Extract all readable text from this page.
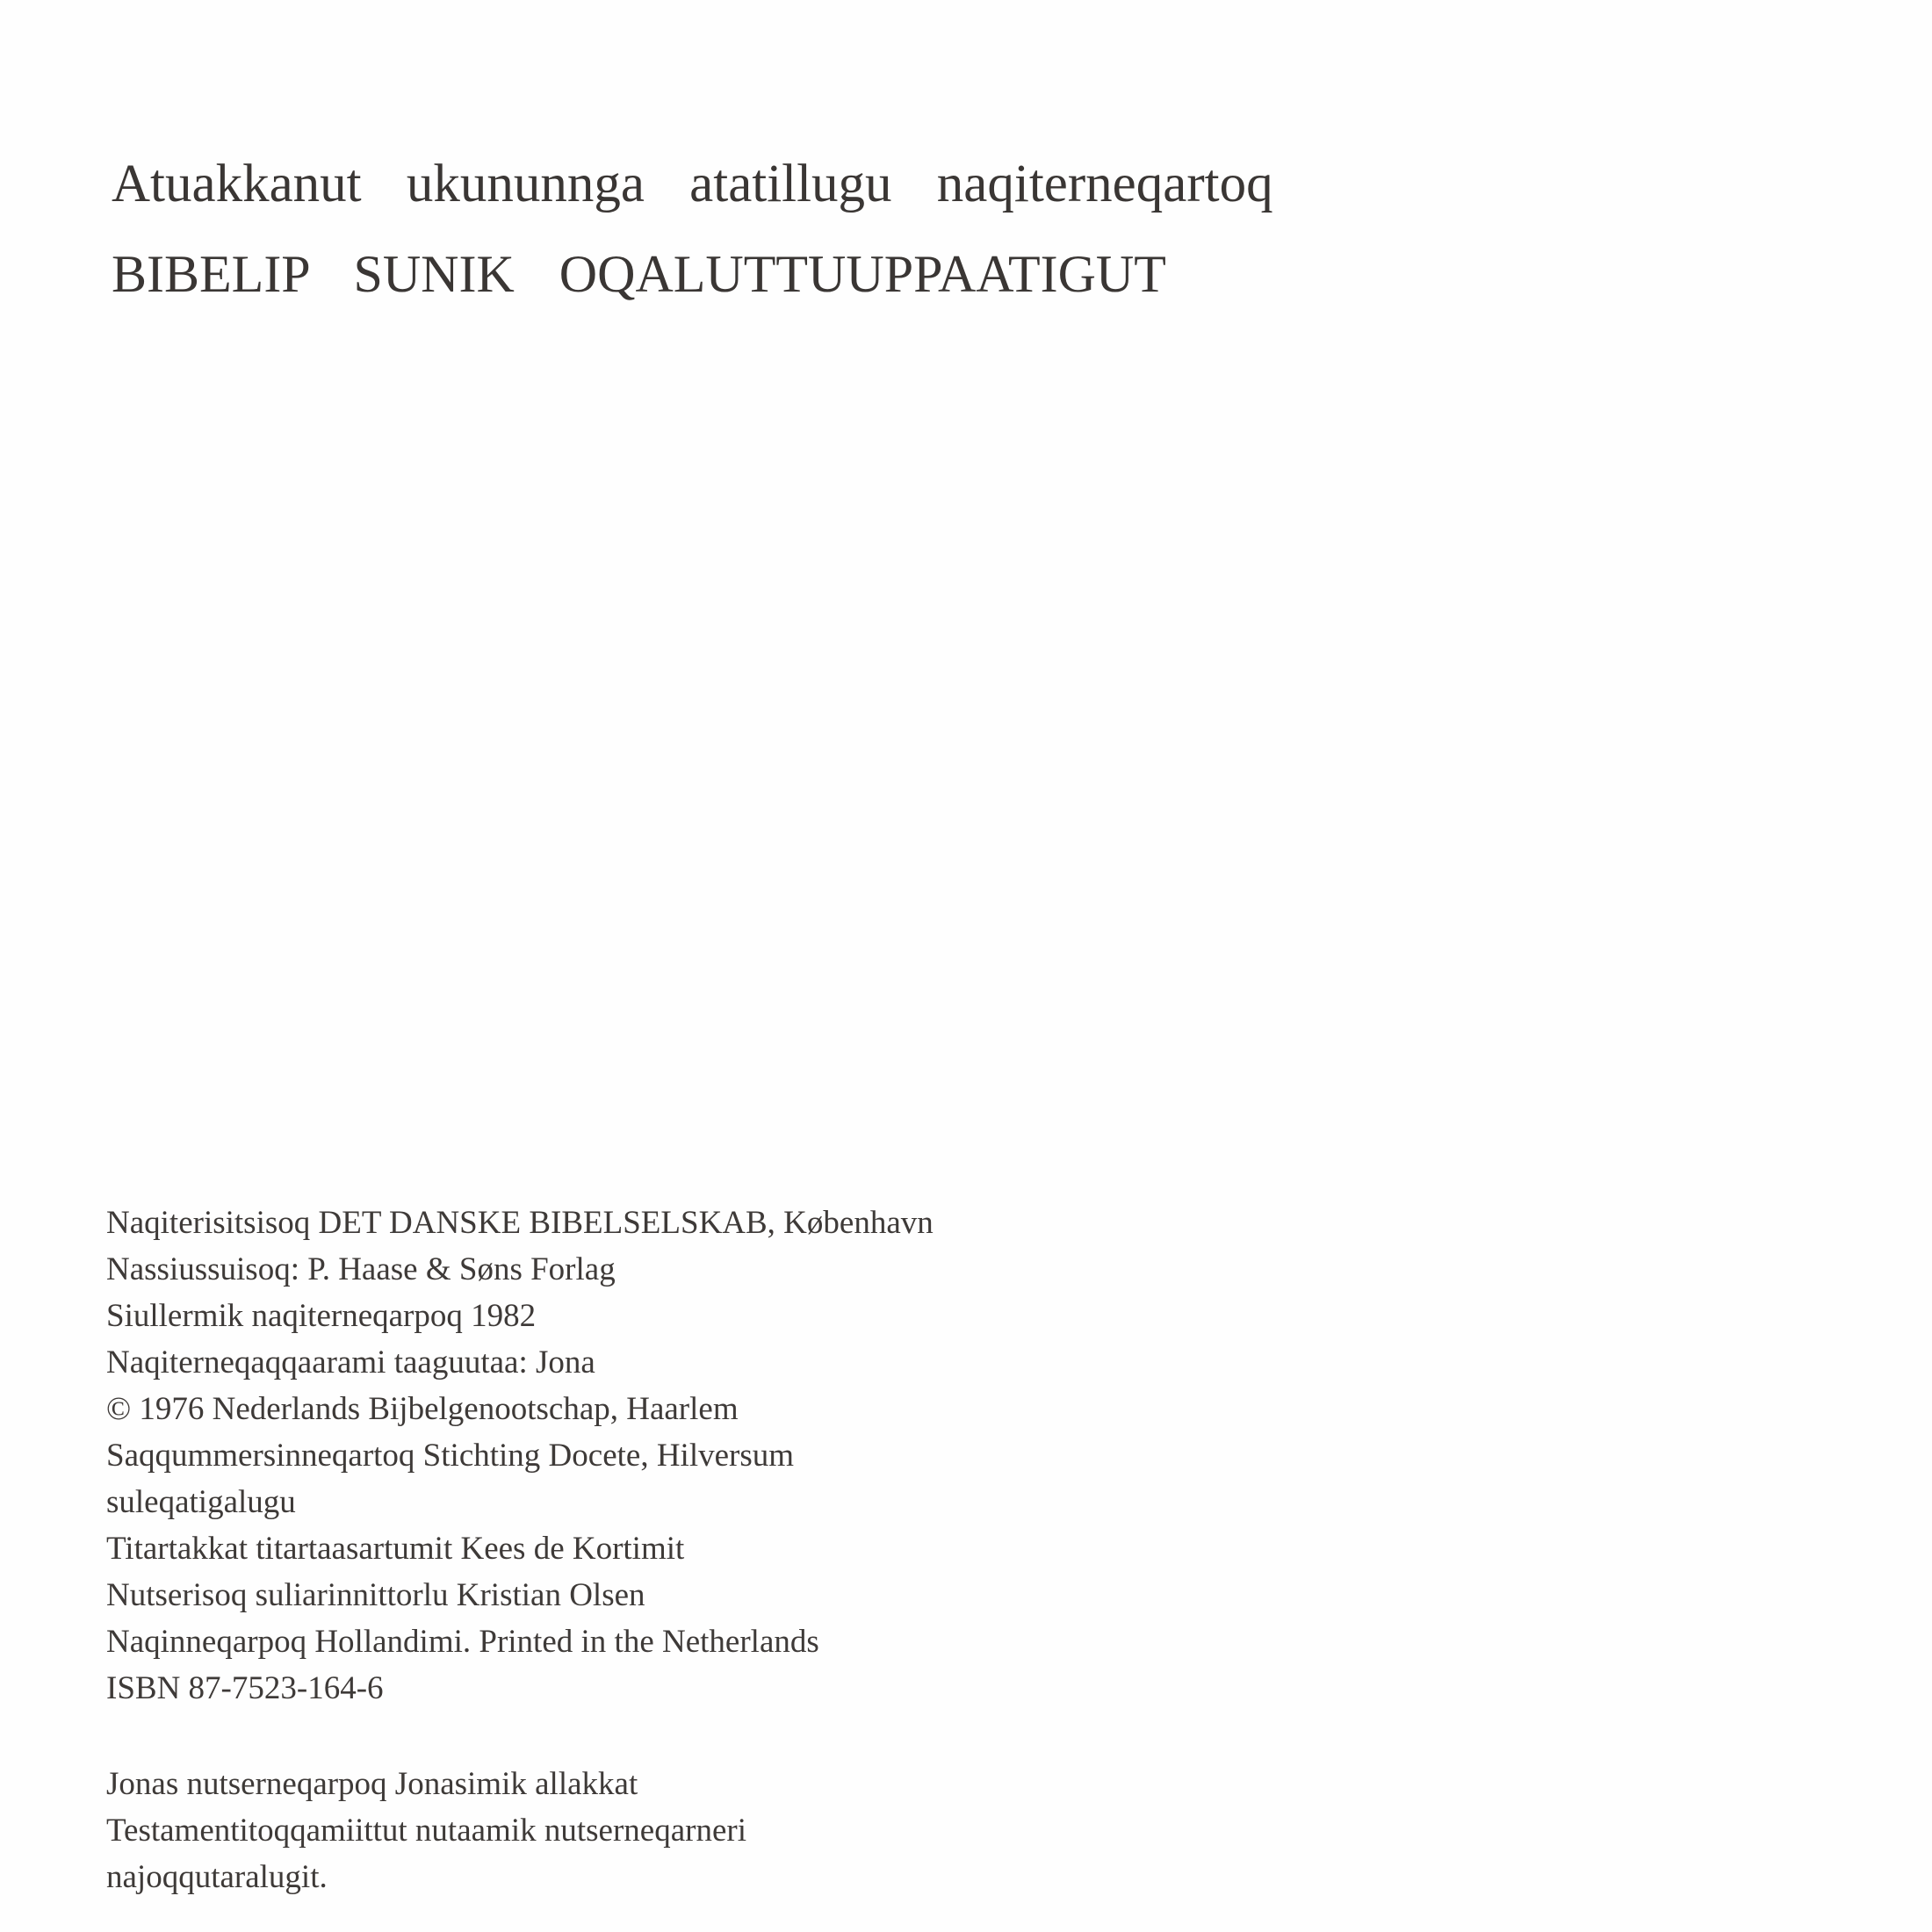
Atuakkanut ukununnga atatillugu naqiterneqartoq
BIBELIP SUNIK OQALUTTUUPPAATIGUT
Naqiterisitsisoq DET DANSKE BIBELSELSKAB, København
Nassiussuisoq: P. Haase & Søns Forlag
Siullermik naqiterneqarpoq 1982
Naqiterneqaqqaarami taaguutaa: Jona
© 1976 Nederlands Bijbelgenootschap, Haarlem
Saqqummersinneqartoq Stichting Docete, Hilversum
suleqatigalugu
Titartakkat titartaasartumit Kees de Kortimit
Nutserisoq suliarinnittorlu Kristian Olsen
Naqinneqarpoq Hollandimi. Printed in the Netherlands
ISBN 87-7523-164-6
Jonas nutserneqarpoq Jonasimik allakkat
Testamentitoqqamiittut nutaamik nutserneqarneri
najoqqutaralugit.
